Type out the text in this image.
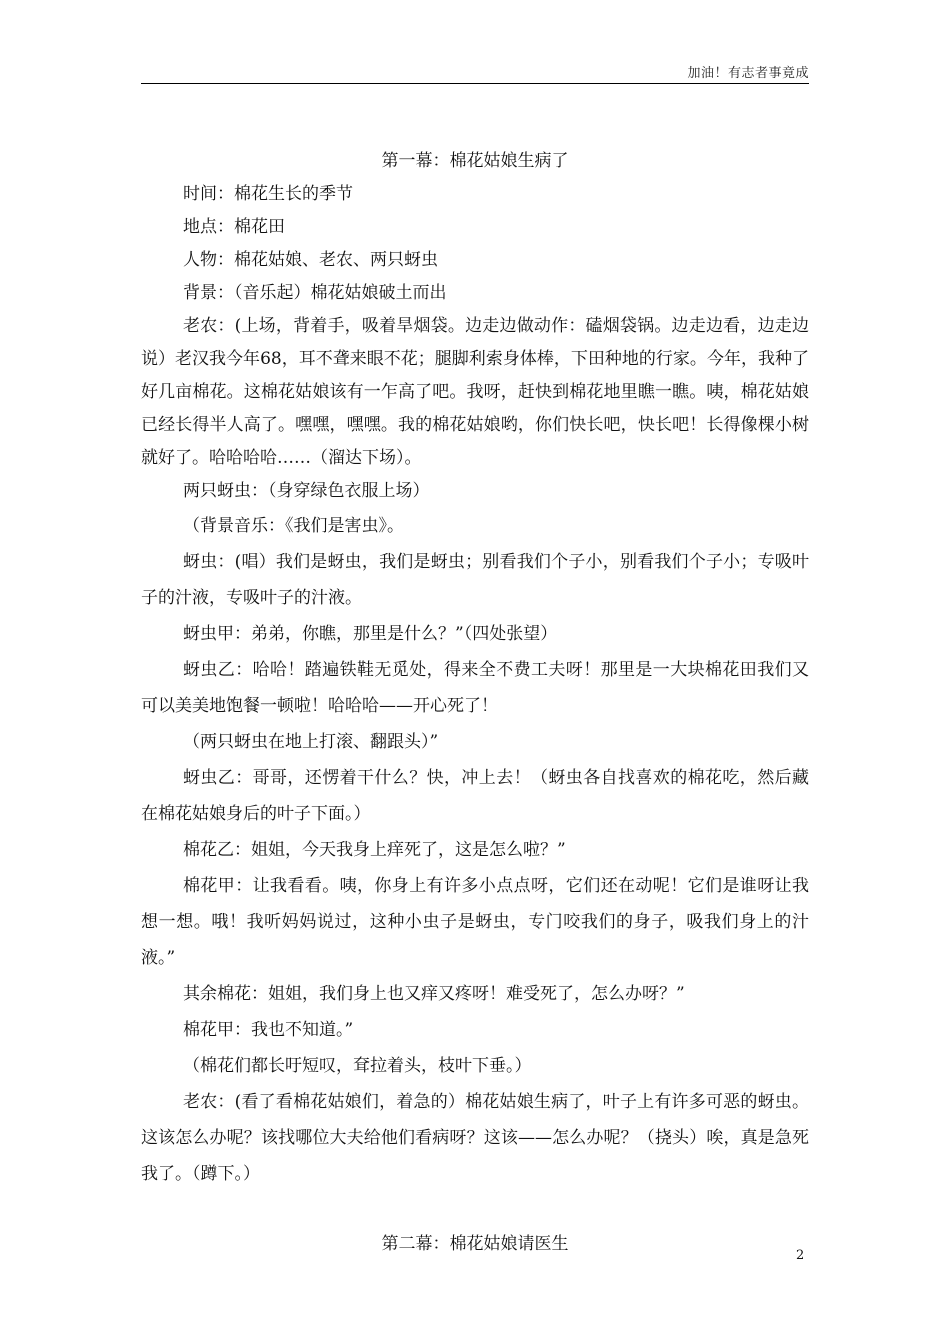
加油！有志者事竟成
第一幕：棉花姑娘生病了
时间：棉花生长的季节
地点：棉花田
人物：棉花姑娘、老农、两只蚜虫
背景：（音乐起）棉花姑娘破土而出
老农：(上场，背着手，吸着旱烟袋。边走边做动作：磕烟袋锅。边走边看，边走边说）老汉我今年68，耳不聋来眼不花；腿脚利索身体棒，下田种地的行家。今年，我种了好几亩棉花。这棉花姑娘该有一乍高了吧。我呀，赶快到棉花地里瞧一瞧。咦，棉花姑娘已经长得半人高了。嘿嘿，嘿嘿。我的棉花姑娘哟，你们快长吧，快长吧！长得像棵小树就好了。哈哈哈哈……（溜达下场）。
两只蚜虫：（身穿绿色衣服上场）
（背景音乐：《我们是害虫》。
蚜虫：(唱）我们是蚜虫，我们是蚜虫；别看我们个子小，别看我们个子小；专吸叶子的汁液，专吸叶子的汁液。
蚜虫甲：弟弟，你瞧，那里是什么？”（四处张望）
蚜虫乙：哈哈！踏遍铁鞋无觅处，得来全不费工夫呀！那里是一大块棉花田我们又可以美美地饱餐一顿啦！哈哈哈——开心死了！
（两只蚜虫在地上打滚、翻跟头）”
蚜虫乙：哥哥，还愣着干什么？快，冲上去！（蚜虫各自找喜欢的棉花吃，然后藏在棉花姑娘身后的叶子下面。）
棉花乙：姐姐，今天我身上痒死了，这是怎么啦？”
棉花甲：让我看看。咦，你身上有许多小点点呀，它们还在动呢！它们是谁呀让我想一想。哦！我听妈妈说过，这种小虫子是蚜虫，专门咬我们的身子，吸我们身上的汁液。”
其余棉花：姐姐，我们身上也又痒又疼呀！难受死了，怎么办呀？”
棉花甲：我也不知道。”
（棉花们都长吁短叹，耷拉着头，枝叶下垂。）
老农：(看了看棉花姑娘们，着急的）棉花姑娘生病了，叶子上有许多可恶的蚜虫。这该怎么办呢？该找哪位大夫给他们看病呀？这该——怎么办呢？（挠头）唉，真是急死我了。（蹲下。）
第二幕：棉花姑娘请医生
2
